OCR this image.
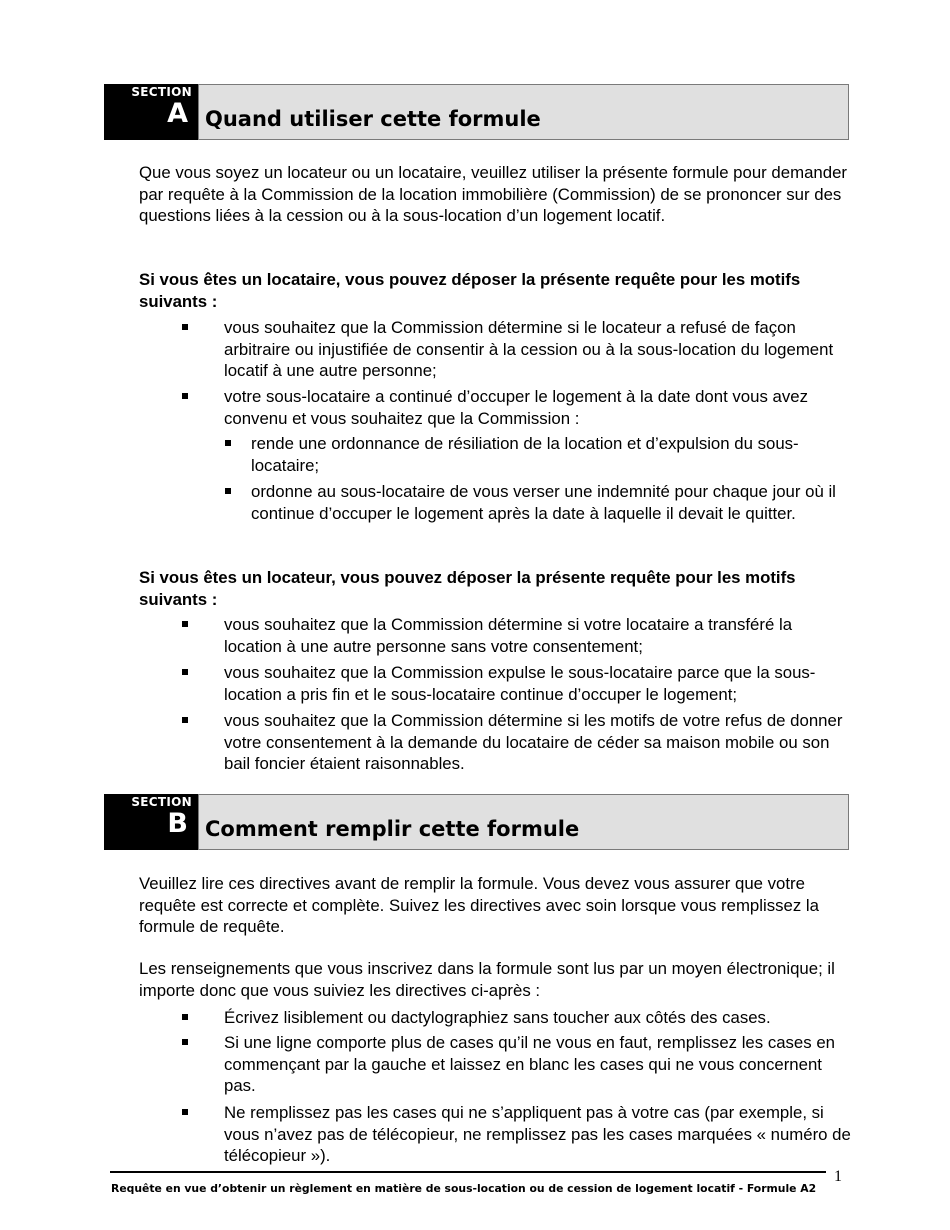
SECTION
A Quand utiliser cette formule

Que vous soyez un locateur ou un locataire, veuillez utiliser la présente formule pour demander par requête à la Commission de la location immobilière (Commission) de se prononcer sur des questions liées à la cession ou à la sous-location d’un logement locatif.

Si vous êtes un locataire, vous pouvez déposer la présente requête pour les motifs suivants :

vous souhaitez que la Commission détermine si le locateur a refusé de façon arbitraire ou injustifiée de consentir à la cession ou à la sous-location du logement locatif à une autre personne;
votre sous-locataire a continué d’occuper le logement à la date dont vous avez convenu et vous souhaitez que la Commission :
rende une ordonnance de résiliation de la location et d’expulsion du sous-locataire;
ordonne au sous-locataire de vous verser une indemnité pour chaque jour où il continue d’occuper le logement après la date à laquelle il devait le quitter.

Si vous êtes un locateur, vous pouvez déposer la présente requête pour les motifs suivants :

vous souhaitez que la Commission détermine si votre locataire a transféré la location à une autre personne sans votre consentement;
vous souhaitez que la Commission expulse le sous-locataire parce que la sous-location a pris fin et le sous-locataire continue d’occuper le logement;
vous souhaitez que la Commission détermine si les motifs de votre refus de donner votre consentement à la demande du locataire de céder sa maison mobile ou son bail foncier étaient raisonnables.
SECTION
B Comment remplir cette formule

Veuillez lire ces directives avant de remplir la formule. Vous devez vous assurer que votre requête est correcte et complète. Suivez les directives avec soin lorsque vous remplissez la formule de requête.

Les renseignements que vous inscrivez dans la formule sont lus par un moyen électronique; il importe donc que vous suiviez les directives ci-après :

Écrivez lisiblement ou dactylographiez sans toucher aux côtés des cases.
Si une ligne comporte plus de cases qu’il ne vous en faut, remplissez les cases en commençant par la gauche et laissez en blanc les cases qui ne vous concernent pas.
Ne remplissez pas les cases qui ne s’appliquent pas à votre cas (par exemple, si vous n’avez pas de télécopieur, ne remplissez pas les cases marquées « numéro de télécopieur »).
1
Requête en vue d’obtenir un règlement en matière de sous-location ou de cession de logement locatif - Formule A2
